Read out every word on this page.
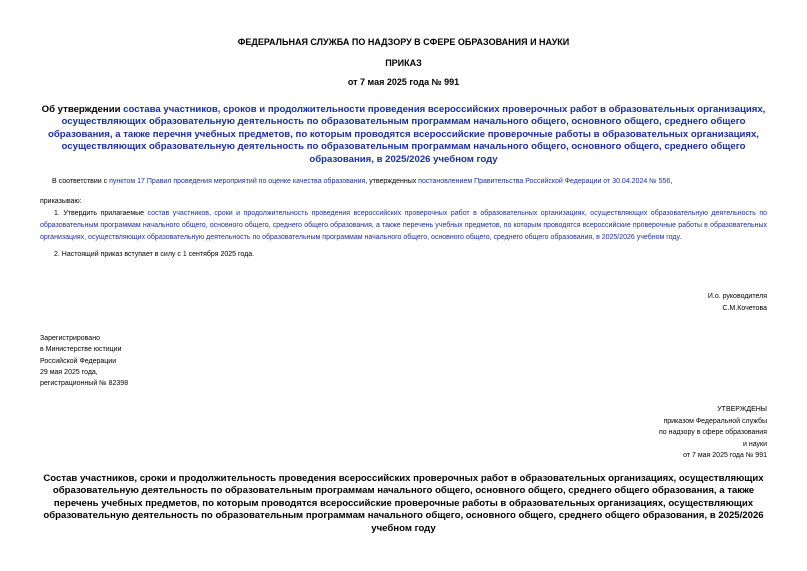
ФЕДЕРАЛЬНАЯ СЛУЖБА ПО НАДЗОРУ В СФЕРЕ ОБРАЗОВАНИЯ И НАУКИ
ПРИКАЗ
от 7 мая 2025 года № 991
Об утверждении состава участников, сроков и продолжительности проведения всероссийских проверочных работ в образовательных организациях, осуществляющих образовательную деятельность по образовательным программам начального общего, основного общего, среднего общего образования, а также перечня учебных предметов, по которым проводятся всероссийские проверочные работы в образовательных организациях, осуществляющих образовательную деятельность по образовательным программам начального общего, основного общего, среднего общего образования, в 2025/2026 учебном году
В соответствии с пунктом 17 Правил проведения мероприятий по оценке качества образования, утвержденных постановлением Правительства Российской Федерации от 30.04.2024 № 556,
приказываю:
1. Утвердить прилагаемые состав участников, сроки и продолжительность проведения всероссийских проверочных работ в образовательных организациях, осуществляющих образовательную деятельность по образовательным программам начального общего, основного общего, среднего общего образования, а также перечень учебных предметов, по которым проводятся всероссийские проверочные работы в образовательных организациях, осуществляющих образовательную деятельность по образовательным программам начального общего, основного общего, среднего общего образования, в 2025/2026 учебном году.
2. Настоящий приказ вступает в силу с 1 сентября 2025 года.
И.о. руководителя
С.М.Кочетова
Зарегистрировано
в Министерстве юстиции
Российской Федерации
29 мая 2025 года,
регистрационный № 82398
УТВЕРЖДЕНЫ
приказом Федеральной службы
по надзору в сфере образования
и науки
от 7 мая 2025 года № 991
Состав участников, сроки и продолжительность проведения всероссийских проверочных работ в образовательных организациях, осуществляющих образовательную деятельность по образовательным программам начального общего, основного общего, среднего общего образования, а также перечень учебных предметов, по которым проводятся всероссийские проверочные работы в образовательных организациях, осуществляющих образовательную деятельность по образовательным программам начального общего, основного общего, среднего общего образования, в 2025/2026 учебном году
